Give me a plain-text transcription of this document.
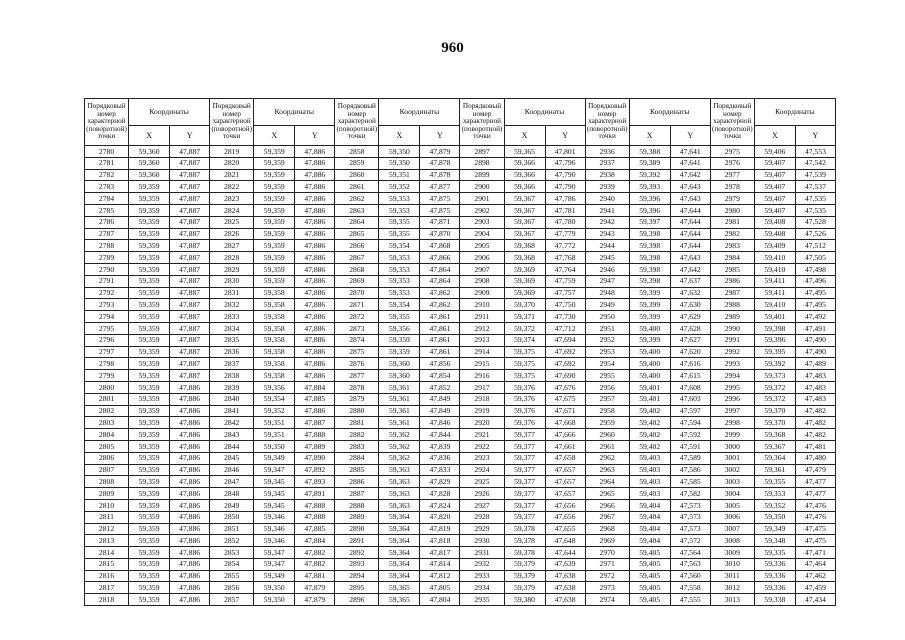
960
Порядковый номер характерной (поворотной) точки	Координаты		Порядковый номер характерной (поворотной) точки	Координаты		Порядковый номер характерной (поворотной) точки	Координаты		Порядковый номер характерной (поворотной) точки	Координаты		Порядковый номер характерной (поворотной) точки	Координаты		Порядковый номер характерной (поворотной) точки	Координаты	
	X	Y		X	Y		X	Y		X	Y		X	Y		X	Y
2780	59,360	47,887	2819	59,359	47,886	2858	59,350	47,879	2897	59,365	47,801	2936	59,388	47,641	2975	59,406	47,553
2781	59,360	47,887	2820	59,359	47,886	2859	59,350	47,878	2898	59,366	47,796	2937	59,389	47,641	2976	59,407	47,542
2782	59,360	47,887	2821	59,359	47,886	2860	59,351	47,878	2899	59,366	47,790	2938	59,392	47,642	2977	59,407	47,539
2783	59,359	47,887	2822	59,359	47,886	2861	59,352	47,877	2900	59,366	47,790	2939	59,393	47,643	2978	59,407	47,537
2784	59,359	47,887	2823	59,359	47,886	2862	59,353	47,875	2901	59,367	47,786	2940	59,396	47,643	2979	59,407	47,535
2785	59,359	47,887	2824	59,359	47,886	2863	59,353	47,875	2902	59,367	47,781	2941	59,396	47,644	2980	59,407	47,535
2786	59,359	47,887	2825	59,359	47,886	2864	59,355	47,871	2903	59,367	47,780	2942	59,397	47,644	2981	59,408	47,528
2787	59,359	47,887	2826	59,359	47,886	2865	59,355	47,870	2904	59,367	47,779	2943	59,398	47,644	2982	59,408	47,526
2788	59,359	47,887	2827	59,359	47,886	2866	59,354	47,868	2905	59,368	47,772	2944	59,398	47,644	2983	59,409	47,512
2789	59,359	47,887	2828	59,359	47,886	2867	59,353	47,866	2906	59,368	47,768	2945	59,398	47,643	2984	59,410	47,505
2790	59,359	47,887	2829	59,359	47,886	2868	59,353	47,864	2907	59,369	47,764	2946	59,398	47,642	2985	59,410	47,498
2791	59,359	47,887	2830	59,359	47,886	2869	59,353	47,864	2908	59,369	47,759	2947	59,398	47,637	2986	59,411	47,496
2792	59,359	47,887	2831	59,358	47,886	2870	59,353	47,862	2909	59,369	47,757	2948	59,399	47,632	2987	59,411	47,495
2793	59,359	47,887	2832	59,358	47,886	2871	59,354	47,862	2910	59,370	47,750	2949	59,399	47,630	2988	59,410	47,495
2794	59,359	47,887	2833	59,358	47,886	2872	59,355	47,861	2911	59,371	47,730	2950	59,399	47,629	2989	59,401	47,492
2795	59,359	47,887	2834	59,358	47,886	2873	59,356	47,861	2912	59,372	47,712	2951	59,400	47,628	2990	59,398	47,491
2796	59,359	47,887	2835	59,358	47,886	2874	59,359	47,861	2913	59,374	47,694	2952	59,399	47,627	2991	59,396	47,490
2797	59,359	47,887	2836	59,358	47,886	2875	59,359	47,861	2914	59,375	47,692	2953	59,400	47,620	2992	59,395	47,490
2798	59,359	47,887	2837	59,358	47,886	2876	59,360	47,856	2915	59,375	47,692	2954	59,400	47,616	2993	59,392	47,489
2799	59,359	47,887	2838	59,358	47,886	2877	59,360	47,854	2916	59,375	47,690	2955	59,400	47,615	2994	59,373	47,483
2800	59,359	47,886	2839	59,356	47,884	2878	59,361	47,852	2917	59,376	47,676	2956	59,401	47,608	2995	59,372	47,483
2801	59,359	47,886	2840	59,354	47,885	2879	59,361	47,849	2918	59,376	47,675	2957	59,401	47,603	2996	59,372	47,483
2802	59,359	47,886	2841	59,352	47,886	2880	59,361	47,849	2919	59,376	47,671	2958	59,402	47,597	2997	59,370	47,482
2803	59,359	47,886	2842	59,351	47,887	2881	59,361	47,846	2920	59,376	47,668	2959	59,402	47,594	2998	59,370	47,482
2804	59,359	47,886	2843	59,351	47,888	2882	59,362	47,844	2921	59,377	47,666	2960	59,402	47,592	2999	59,368	47,482
2805	59,359	47,886	2844	59,350	47,889	2883	59,362	47,839	2922	59,377	47,661	2961	59,402	47,591	3000	59,367	47,481
2806	59,359	47,886	2845	59,349	47,890	2884	59,362	47,836	2923	59,377	47,658	2962	59,403	47,589	3001	59,364	47,480
2807	59,359	47,886	2846	59,347	47,892	2885	59,363	47,833	2924	59,377	47,657	2963	59,403	47,586	3002	59,361	47,479
2808	59,359	47,886	2847	59,345	47,893	2886	59,363	47,829	2925	59,377	47,657	2964	59,403	47,585	3003	59,355	47,477
2809	59,359	47,886	2848	59,345	47,891	2887	59,363	47,828	2926	59,377	47,657	2965	59,403	47,582	3004	59,353	47,477
2810	59,359	47,886	2849	59,345	47,888	2888	59,363	47,824	2927	59,377	47,656	2966	59,404	47,573	3005	59,352	47,476
2811	59,359	47,886	2850	59,346	47,888	2889	59,364	47,820	2928	59,377	47,656	2967	59,404	47,573	3006	59,350	47,476
2812	59,359	47,886	2851	59,346	47,885	2890	59,364	47,819	2929	59,378	47,655	2968	59,404	47,573	3007	59,349	47,475
2813	59,359	47,886	2852	59,346	47,884	2891	59,364	47,818	2930	59,378	47,648	2969	59,404	47,572	3008	59,348	47,475
2814	59,359	47,886	2853	59,347	47,882	2892	59,364	47,817	2931	59,378	47,644	2970	59,405	47,564	3009	59,335	47,471
2815	59,359	47,886	2854	59,347	47,882	2893	59,364	47,814	2932	59,379	47,639	2971	59,405	47,563	3010	59,336	47,464
2816	59,359	47,886	2855	59,349	47,881	2894	59,364	47,812	2933	59,379	47,638	2972	59,405	47,560	3011	59,336	47,462
2817	59,359	47,886	2856	59,350	47,879	2895	59,365	47,805	2934	59,379	47,638	2973	59,405	47,558	3012	59,336	47,459
2818	59,359	47,886	2857	59,350	47,879	2896	59,365	47,804	2935	59,380	47,638	2974	59,405	47,555	3013	59,338	47,434
